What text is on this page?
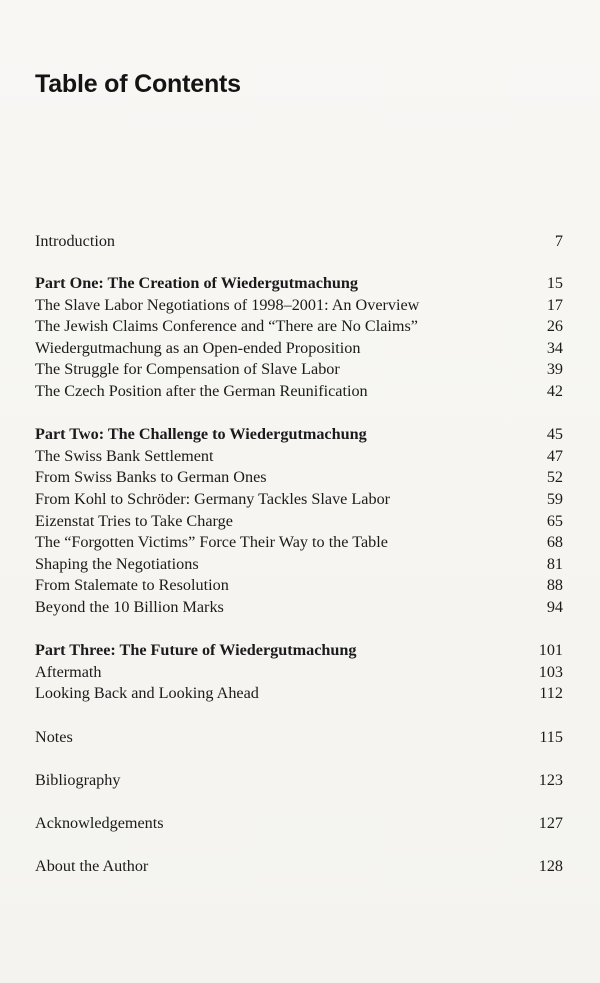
Table of Contents
Introduction	7
Part One: The Creation of Wiedergutmachung	15
The Slave Labor Negotiations of 1998–2001: An Overview	17
The Jewish Claims Conference and “There are No Claims”	26
Wiedergutmachung as an Open-ended Proposition	34
The Struggle for Compensation of Slave Labor	39
The Czech Position after the German Reunification	42
Part Two: The Challenge to Wiedergutmachung	45
The Swiss Bank Settlement	47
From Swiss Banks to German Ones	52
From Kohl to Schröder: Germany Tackles Slave Labor	59
Eizenstat Tries to Take Charge	65
The “Forgotten Victims” Force Their Way to the Table	68
Shaping the Negotiations	81
From Stalemate to Resolution	88
Beyond the 10 Billion Marks	94
Part Three: The Future of Wiedergutmachung	101
Aftermath	103
Looking Back and Looking Ahead	112
Notes	115
Bibliography	123
Acknowledgements	127
About the Author	128
